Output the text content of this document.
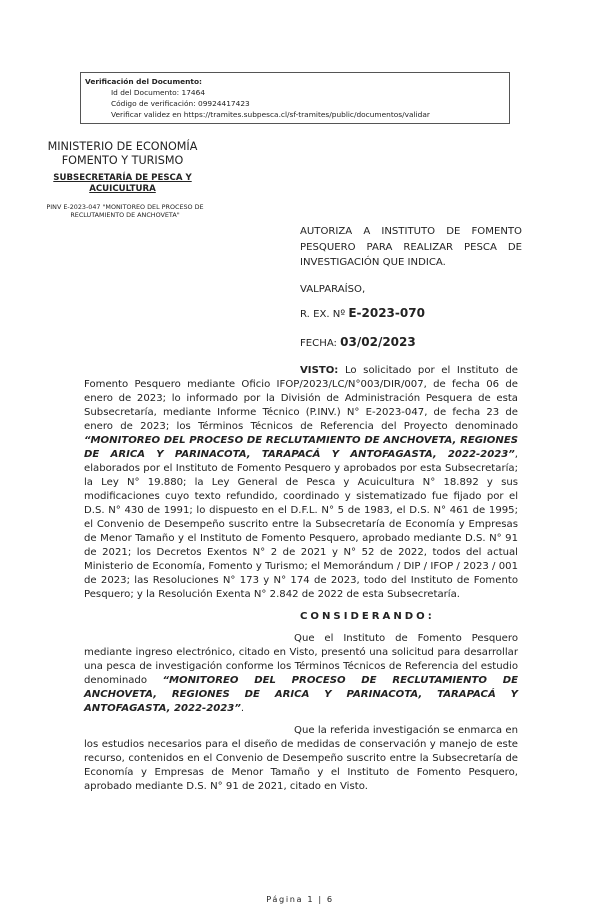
Verificación del Documento:
• Id del Documento: 17464
• Código de verificación: 09924417423
• Verificar validez en https://tramites.subpesca.cl/sf-tramites/public/documentos/validar
MINISTERIO DE ECONOMÍA
FOMENTO Y TURISMO
SUBSECRETARÍA DE PESCA Y ACUICULTURA
PINV E-2023-047 "MONITOREO DEL PROCESO DE RECLUTAMIENTO DE ANCHOVETA"
AUTORIZA A INSTITUTO DE FOMENTO PESQUERO PARA REALIZAR PESCA DE INVESTIGACIÓN QUE INDICA.
VALPARAÍSO,
R. EX. Nº E-2023-070
FECHA: 03/02/2023
VISTO: Lo solicitado por el Instituto de Fomento Pesquero mediante Oficio IFOP/2023/LC/N°003/DIR/007, de fecha 06 de enero de 2023; lo informado por la División de Administración Pesquera de esta Subsecretaría, mediante Informe Técnico (P.INV.) N° E-2023-047, de fecha 23 de enero de 2023; los Términos Técnicos de Referencia del Proyecto denominado “MONITOREO DEL PROCESO DE RECLUTAMIENTO DE ANCHOVETA, REGIONES DE ARICA Y PARINACOTA, TARAPACÁ Y ANTOFAGASTA, 2022-2023”, elaborados por el Instituto de Fomento Pesquero y aprobados por esta Subsecretaría; la Ley N° 19.880; la Ley General de Pesca y Acuicultura N° 18.892 y sus modificaciones cuyo texto refundido, coordinado y sistematizado fue fijado por el D.S. N° 430 de 1991; lo dispuesto en el D.F.L. N° 5 de 1983, el D.S. N° 461 de 1995; el Convenio de Desempeño suscrito entre la Subsecretaría de Economía y Empresas de Menor Tamaño y el Instituto de Fomento Pesquero, aprobado mediante D.S. N° 91 de 2021; los Decretos Exentos N° 2 de 2021 y N° 52 de 2022, todos del actual Ministerio de Economía, Fomento y Turismo; el Memorándum / DIP / IFOP / 2023 / 001 de 2023; las Resoluciones N° 173 y N° 174 de 2023, todo del Instituto de Fomento Pesquero; y la Resolución Exenta N° 2.842 de 2022 de esta Subsecretaría.
CONSIDERANDO:
Que el Instituto de Fomento Pesquero mediante ingreso electrónico, citado en Visto, presentó una solicitud para desarrollar una pesca de investigación conforme los Términos Técnicos de Referencia del estudio denominado “MONITOREO DEL PROCESO DE RECLUTAMIENTO DE ANCHOVETA, REGIONES DE ARICA Y PARINACOTA, TARAPACÁ Y ANTOFAGASTA, 2022-2023”.
Que la referida investigación se enmarca en los estudios necesarios para el diseño de medidas de conservación y manejo de este recurso, contenidos en el Convenio de Desempeño suscrito entre la Subsecretaría de Economía y Empresas de Menor Tamaño y el Instituto de Fomento Pesquero, aprobado mediante D.S. N° 91 de 2021, citado en Visto.
Página 1 | 6
